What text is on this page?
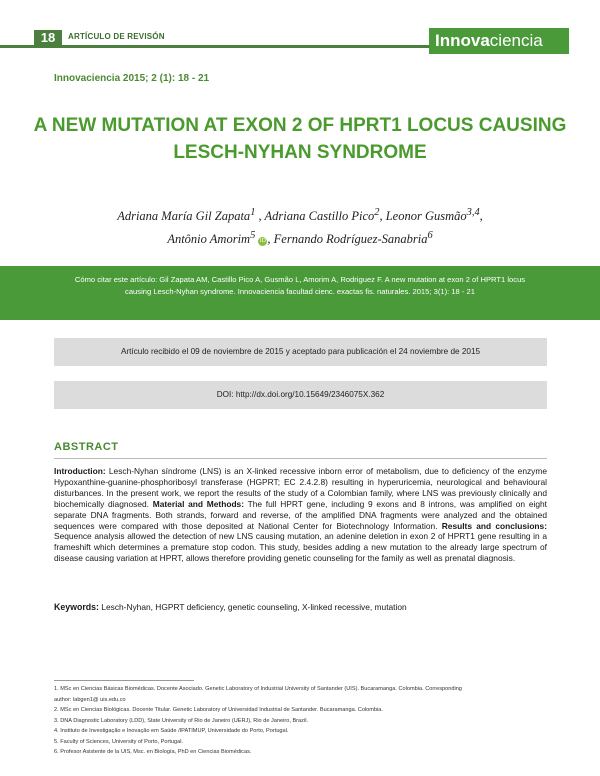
18	ARTÍCULO DE REVISÓN	Innovaciencia
Innovaciencia 2015; 2 (1): 18 - 21
A NEW MUTATION AT EXON 2 OF HPRT1 LOCUS CAUSING LESCH-NYHAN SYNDROME
Adriana María Gil Zapata$^1$ , Adriana Castillo Pico$^2$, Leonor Gusmão$^{3,4}$,
Antônio Amorim$^5$ iD , Fernando Rodríguez-Sanabria$^6$
Cómo citar este artículo: Gil Zapata AM, Castillo Pico A, Gusmão L, Amorim A, Rodriguez F. A new mutation at exon 2 of HPRT1 locus causing Lesch-Nyhan syndrome. Innovaciencia facultad cienc. exactas fis. naturales. 2015; 3(1): 18 - 21
Artículo recibido el 09 de noviembre de 2015 y aceptado para publicación el 24 noviembre de 2015
DOI: http://dx.doi.org/10.15649/2346075X.362
ABSTRACT

Introduction: Lesch-Nyhan síndrome (LNS) is an X-linked recessive inborn error of metabolism, due to deficiency of the enzyme Hypoxanthine-guanine-phosphoribosyl transferase (HGPRT; EC 2.4.2.8) resulting in hyperuricemia, neurological and behavioural disturbances. In the present work, we report the results of the study of a Colombian family, where LNS was previously clinically and biochemically diagnosed. Material and Methods: The full HPRT gene, including 9 exons and 8 introns, was amplified on eight separate DNA fragments. Both strands, forward and reverse, of the amplified DNA fragments were analyzed and the obtained sequences were compared with those deposited at National Center for Biotechnology Information. Results and conclusions: Sequence analysis allowed the detection of new LNS causing mutation, an adenine deletion in exon 2 of HPRT1 gene resulting in a frameshift which determines a premature stop codon. This study, besides adding a new mutation to the already large spectrum of disease causing variation at HPRT, allows therefore providing genetic counseling for the family as well as prenatal diagnosis.

Keywords: Lesch-Nyhan, HGPRT deficiency, genetic counseling, X-linked recessive, mutation
1. MSc en Ciencias Básicas Biomédicas. Docente Asociado. Genetic Laboratory of Industrial University of Santander (UIS). Bucaramanga. Colombia. Corresponding
author: labgen1@ uis.edu.co
2. MSc en Ciencias Biológicas. Docente Titular. Genetic Laboratory of Universidad Industrial de Santander. Bucaramanga. Colombia.
3. DNA Diagnostic Laboratory (LDD), State University of Rio de Janeiro (UERJ), Rio de Janeiro, Brazil.
4. Instituto de Investigação e Inovação em Saúde /IPATIMUP, Universidade do Porto, Portugal.
5. Faculty of Sciences, University of Porto, Portugal.
6. Profesor Asistente de la UIS, Msc. en Biología, PhD en Ciencias Biomédicas.
